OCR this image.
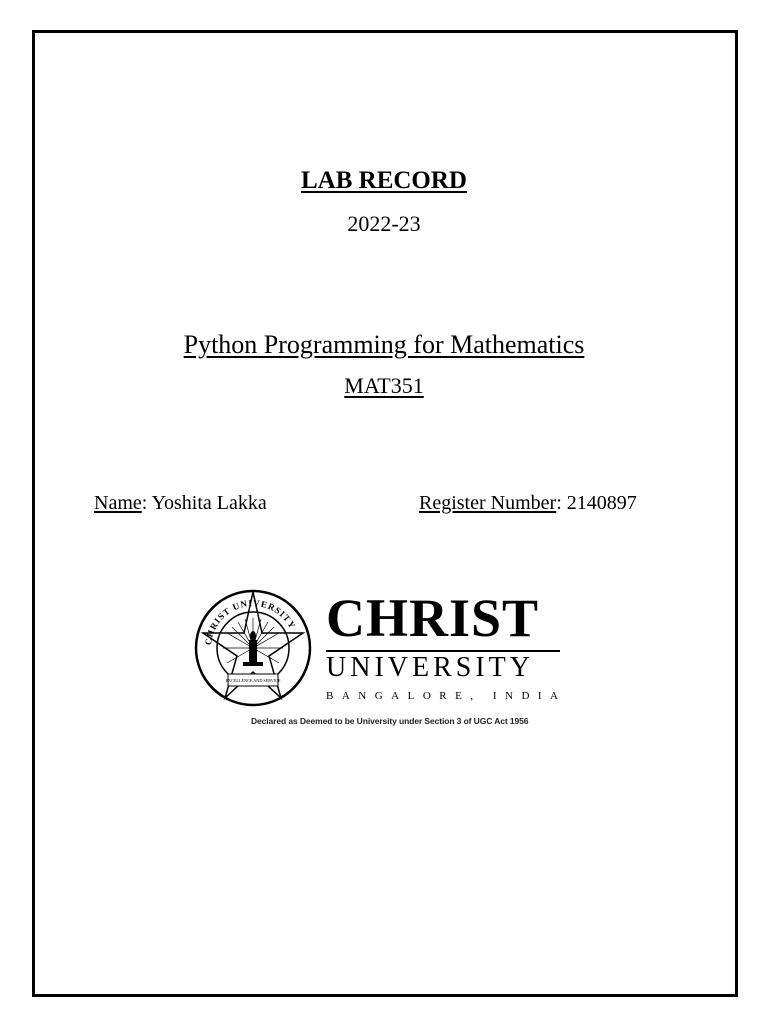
LAB RECORD
2022-23
Python Programming for Mathematics
MAT351
Name: Yoshita Lakka	Register Number: 2140897
CHRIST UNIVERSITY
EXCELLENCE AND SERVICE
CHRIST
UNIVERSITY
BANGALORE, INDIA
Declared as Deemed to be University under Section 3 of UGC Act 1956
